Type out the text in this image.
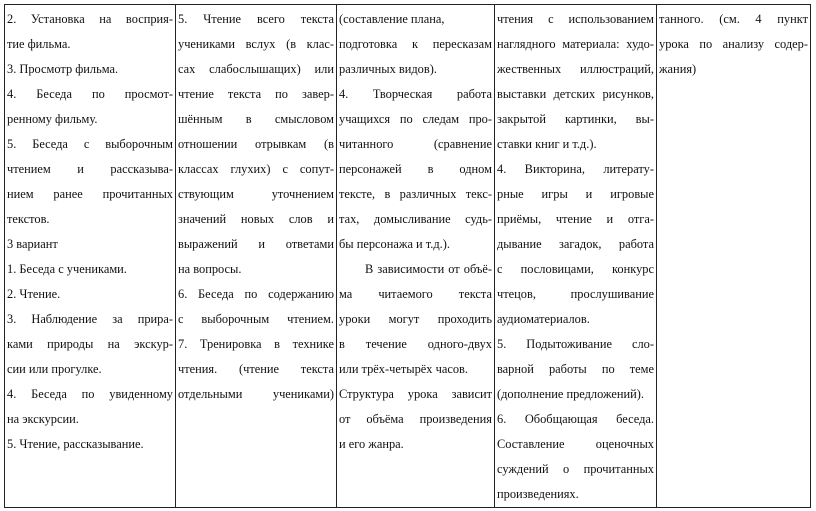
2. Установка на восприя-
тие фильма.
3. Просмотр фильма.
4. Беседа по просмот-
ренному фильму.
5. Беседа с выборочным
чтением и рассказыва-
нием ранее прочитанных
текстов.
3 вариант
1. Беседа с учениками.
2. Чтение.
3. Наблюдение за прира-
ками природы на экскур-
сии или прогулке.
4. Беседа по увиденному
на экскурсии.
5. Чтение, рассказывание.

5. Чтение всего текста
учениками вслух (в клас-
сах слабослышащих) или
чтение текста по завер-
шённым в смысловом
отношении отрывкам (в
классах глухих) с сопут-
ствующим уточнением
значений новых слов и
выражений и ответами
на вопросы.
6. Беседа по содержанию
с выборочным чтением.
7. Тренировка в технике
чтения. (чтение текста
отдельными учениками)

(составление плана,
подготовка к пересказам
различных видов).
4. Творческая работа
учащихся по следам про-
читанного (сравнение
персонажей в одном
тексте, в различных текс-
тах, домысливание судь-
бы персонажа и т.д.).
В зависимости от объё-
ма читаемого текста
уроки могут проходить
в течение одного-двух
или трёх-четырёх часов.
Структура урока зависит
от объёма произведения
и его жанра.

чтения с использованием
наглядного материала: худо-
жественных иллюстраций,
выставки детских рисунков,
закрытой картинки, вы-
ставки книг и т.д.).
4. Викторина, литерату-
рные игры и игровые
приёмы, чтение и отга-
дывание загадок, работа
с пословицами, конкурс
чтецов, прослушивание
аудиоматериалов.
5. Подытоживание сло-
варной работы по теме
(дополнение предложений).
6. Обобщающая беседа.
Составление оценочных
суждений о прочитанных
произведениях.

танного. (см. 4 пункт
урока по анализу содер-
жания)
